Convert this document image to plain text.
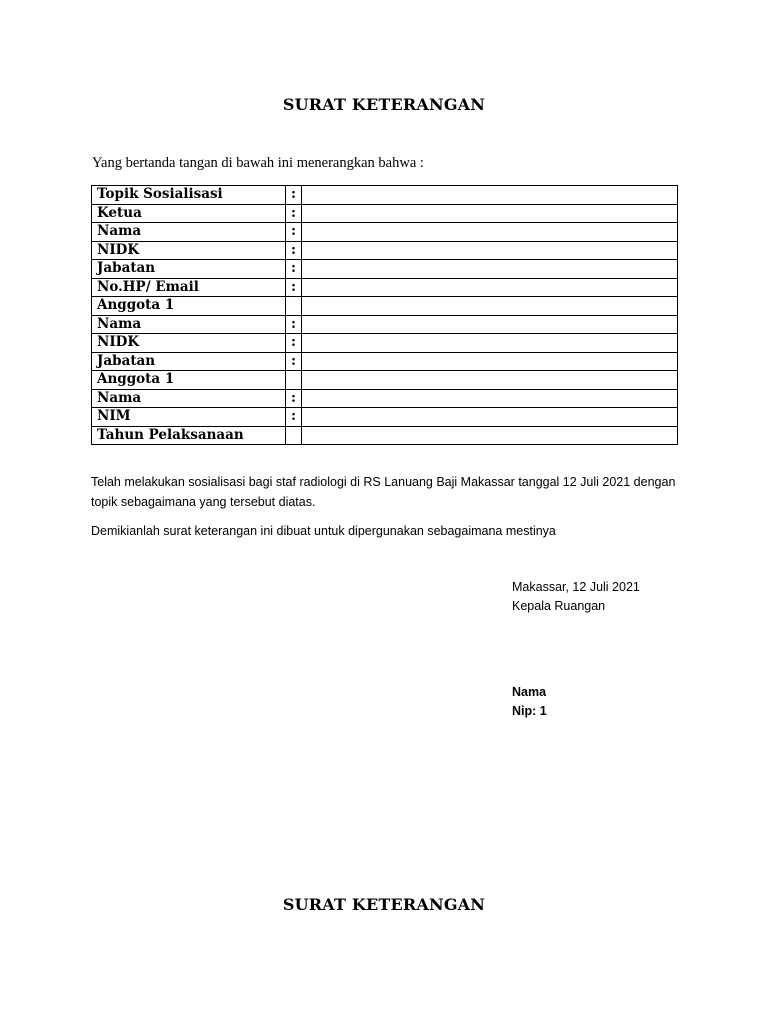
SURAT KETERANGAN
Yang bertanda tangan di bawah ini menerangkan bahwa :
Topik Sosialisasi	:	
Ketua	:	
Nama	:	
NIDK	:	
Jabatan	:	
No.HP/ Email	:	
Anggota 1		
Nama	:	
NIDK	:	
Jabatan	:	
Anggota 1		
Nama	:	
NIM	:	
Tahun Pelaksanaan		
Telah melakukan sosialisasi bagi staf radiologi di RS Lanuang Baji Makassar tanggal 12 Juli 2021 dengan topik sebagaimana yang tersebut diatas.
Demikianlah surat keterangan ini dibuat untuk dipergunakan sebagaimana mestinya
Makassar, 12 Juli 2021
Kepala Ruangan
Nama
Nip: 1
SURAT KETERANGAN
